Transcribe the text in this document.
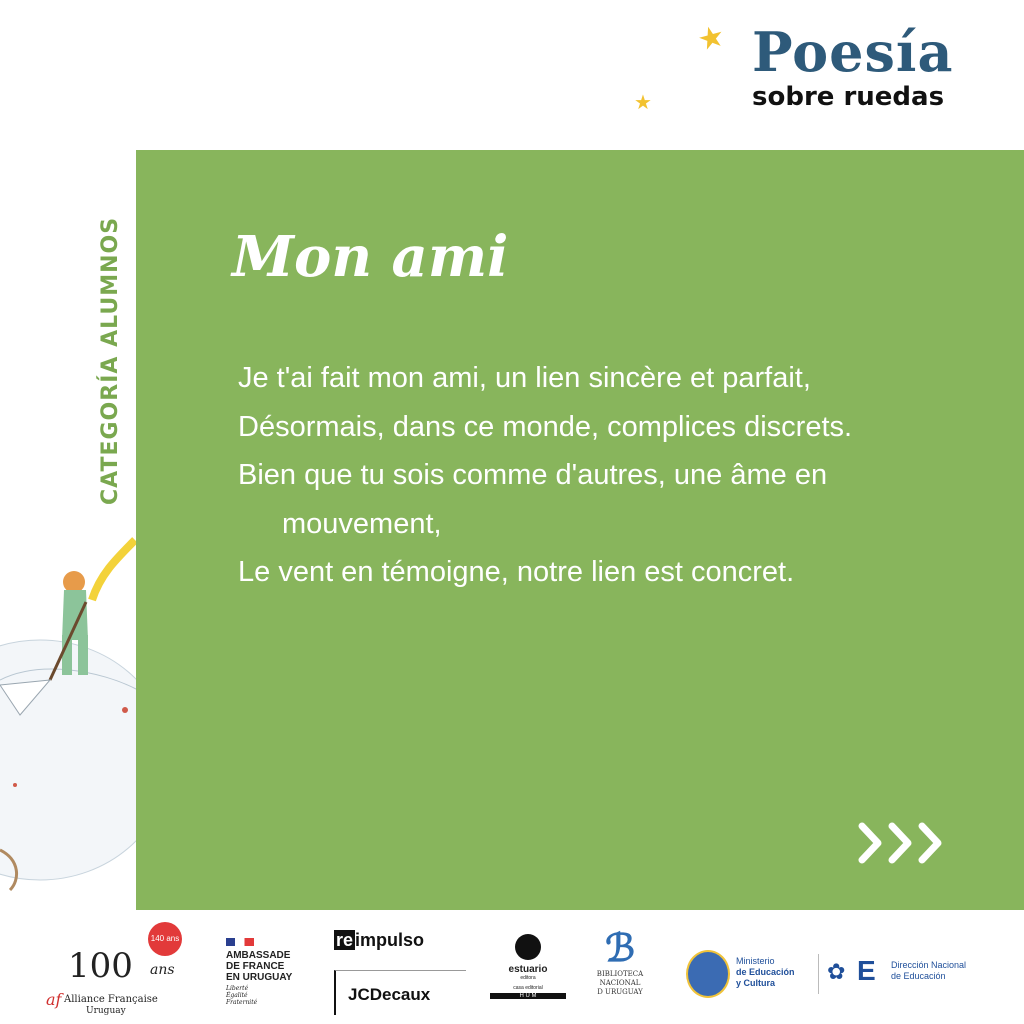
★
★
Poesía
sobre ruedas
CATEGORÍA ALUMNOS Mon ami
Je t'ai fait mon ami, un lien sincère et parfait,
Désormais, dans ce monde, complices discrets.
Bien que tu sois comme d'autres, une âme en mouvement,
Le vent en témoigne, notre lien est concret.
140 ans
100 ans
af Alliance Française
Uruguay
AMBASSADE
DE FRANCE
EN URUGUAY
Liberté
Égalité
Fraternité
re impulso
JCDecaux
estuario
editora
casa editorial
H U M
ℬ
BIBLIOTECA
NACIONAL
D URUGUAY
Ministerio
de Educación
y Cultura ✿ E Dirección Nacional
de Educación
